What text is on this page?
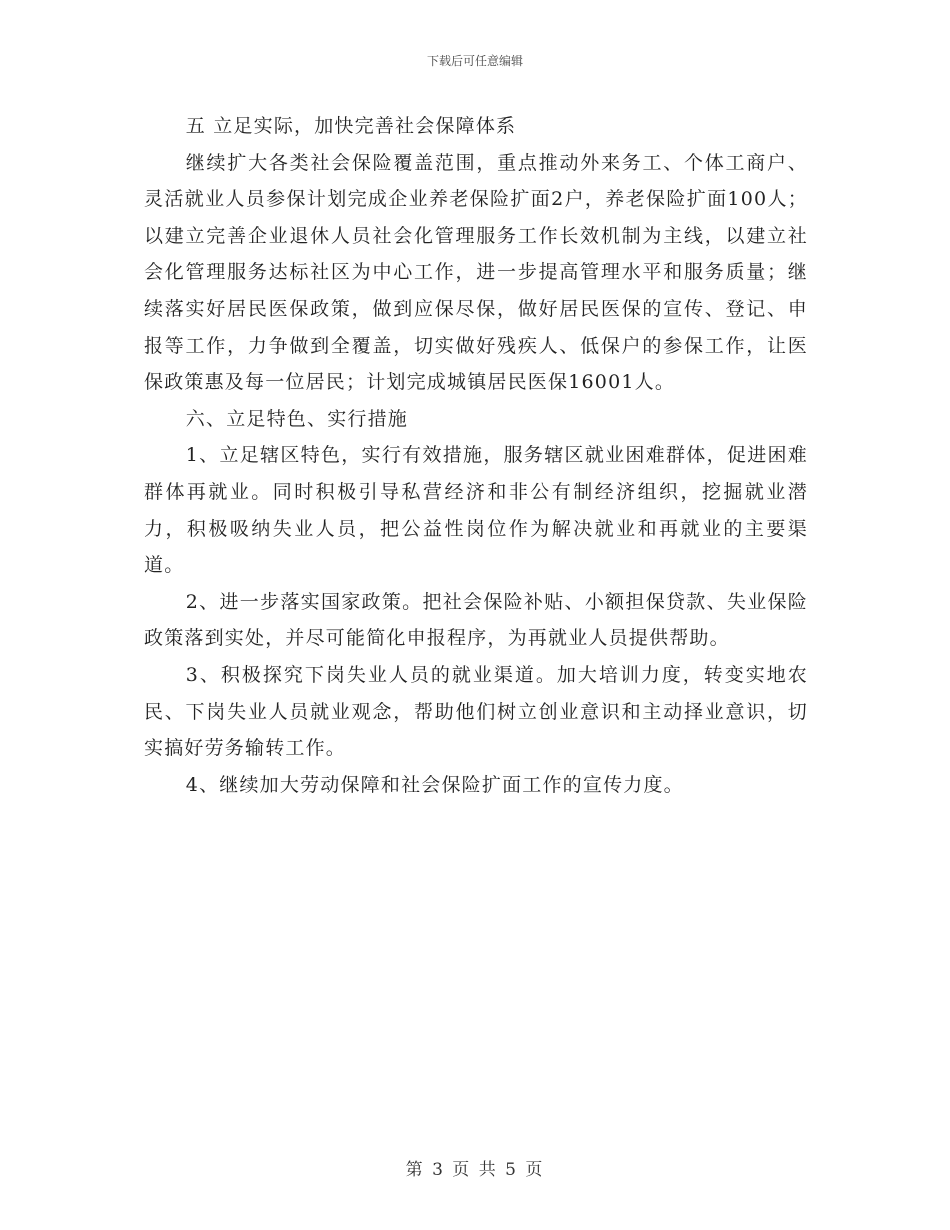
下载后可任意编辑

五 立足实际，加快完善社会保障体系

继续扩大各类社会保险覆盖范围，重点推动外来务工、个体工商户、灵活就业人员参保计划完成企业养老保险扩面2户，养老保险扩面100人；以建立完善企业退休人员社会化管理服务工作长效机制为主线，以建立社会化管理服务达标社区为中心工作，进一步提高管理水平和服务质量；继续落实好居民医保政策，做到应保尽保，做好居民医保的宣传、登记、申报等工作，力争做到全覆盖，切实做好残疾人、低保户的参保工作，让医保政策惠及每一位居民；计划完成城镇居民医保16001人。

六、立足特色、实行措施

1、立足辖区特色，实行有效措施，服务辖区就业困难群体，促进困难群体再就业。同时积极引导私营经济和非公有制经济组织，挖掘就业潜力，积极吸纳失业人员，把公益性岗位作为解决就业和再就业的主要渠道。

2、进一步落实国家政策。把社会保险补贴、小额担保贷款、失业保险政策落到实处，并尽可能简化申报程序，为再就业人员提供帮助。

3、积极探究下岗失业人员的就业渠道。加大培训力度，转变实地农民、下岗失业人员就业观念，帮助他们树立创业意识和主动择业意识，切实搞好劳务输转工作。

4、继续加大劳动保障和社会保险扩面工作的宣传力度。

第 3 页 共 5 页
